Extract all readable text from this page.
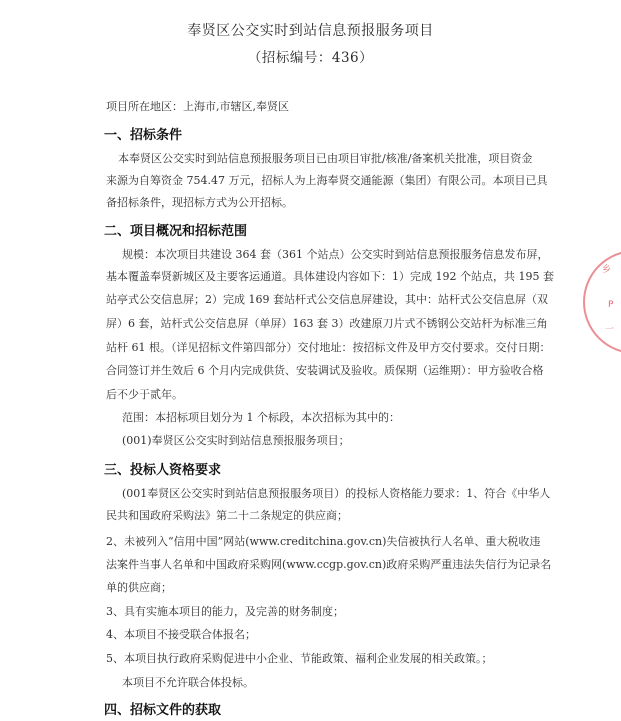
奉贤区公交实时到站信息预报服务项目
（招标编号：436）
项目所在地区：上海市,市辖区,奉贤区
一、招标条件
本奉贤区公交实时到站信息预报服务项目已由项目审批/核准/备案机关批准，项目资金
来源为自筹资金 754.47 万元，招标人为上海奉贤交通能源（集团）有限公司。本项目已具
备招标条件，现招标方式为公开招标。
二、项目概况和招标范围
规模：本次项目共建设 364 套（361 个站点）公交实时到站信息预报服务信息发布屏，
基本覆盖奉贤新城区及主要客运通道。具体建设内容如下：1）完成 192 个站点，共 195 套
站亭式公交信息屏；2）完成 169 套站杆式公交信息屏建设，其中：站杆式公交信息屏（双
屏）6 套，站杆式公交信息屏（单屏）163 套 3）改建原刀片式不锈钢公交站杆为标准三角
站杆 61 根。（详见招标文件第四部分）交付地址：按招标文件及甲方交付要求。交付日期：
合同签订并生效后 6 个月内完成供货、安装调试及验收。质保期（运维期）：甲方验收合格
后不少于贰年。
范围：本招标项目划分为 1 个标段，本次招标为其中的：
(001)奉贤区公交实时到站信息预报服务项目；
三、投标人资格要求
(001奉贤区公交实时到站信息预报服务项目）的投标人资格能力要求：1、符合《中华人
民共和国政府采购法》第二十二条规定的供应商；
2、未被列入“信用中国”网站(www.creditchina.gov.cn)失信被执行人名单、重大税收违
法案件当事人名单和中国政府采购网(www.ccgp.gov.cn)政府采购严重违法失信行为记录名
单的供应商；
3、具有实施本项目的能力，及完善的财务制度；
4、本项目不接受联合体报名；
5、本项目执行政府采购促进中小企业、节能政策、福利企业发展的相关政策。；
本项目不允许联合体投标。
四、招标文件的获取
乡
P
一
